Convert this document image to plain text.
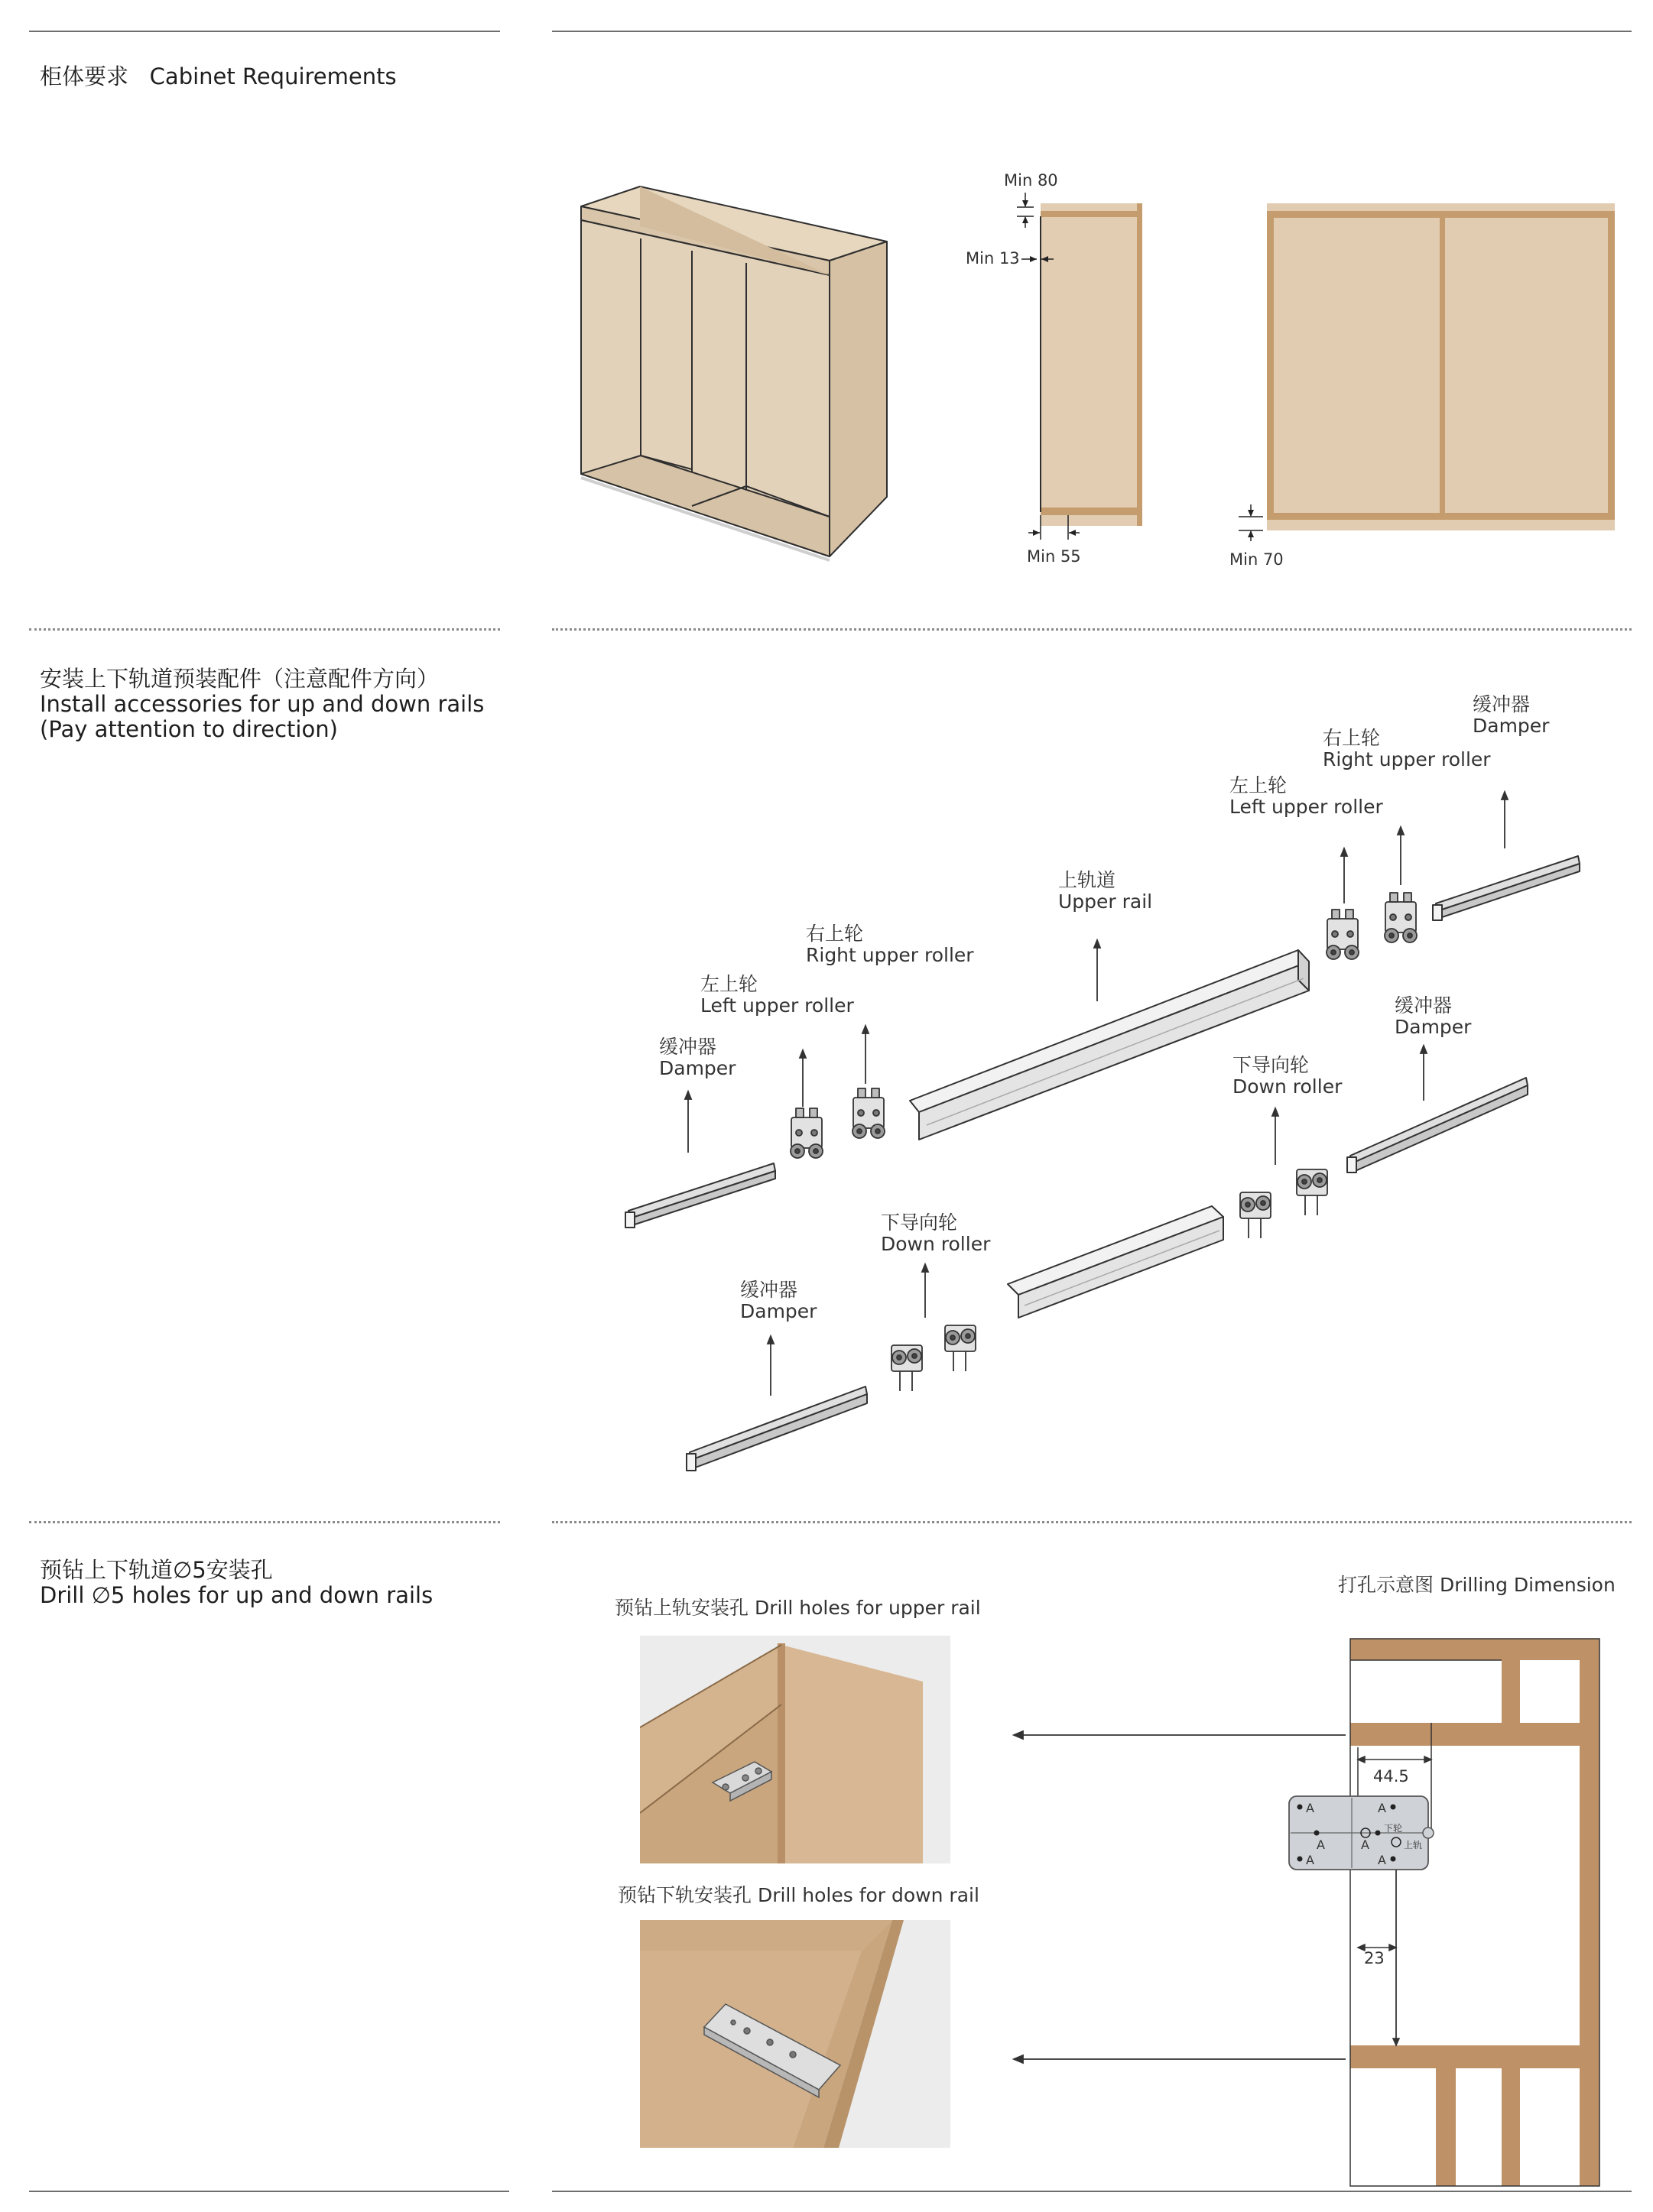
柜体要求 Cabinet Requirements
Min 80
Min 13
Min 55	Min 70
安装上下轨道预装配件（注意配件方向）
Install accessories for up and down rails
(Pay attention to direction)
缓冲器
Damper
右上轮
Right upper roller
左上轮
Left upper roller
上轨道
Upper rail
右上轮
Right upper roller
左上轮
Left upper roller
缓冲器
Damper
缓冲器
Damper
下导向轮
Down roller
下导向轮
Down roller
缓冲器
Damper
预钻上下轨道∅5安装孔
Drill ∅5 holes for up and down rails	预钻上轨安装孔 Drill holes for upper rail
预钻下轨安装孔 Drill holes for down rail
打孔示意图 Drilling Dimension
44.5
23
A	A
A	A
A	A
下轮
上轨
